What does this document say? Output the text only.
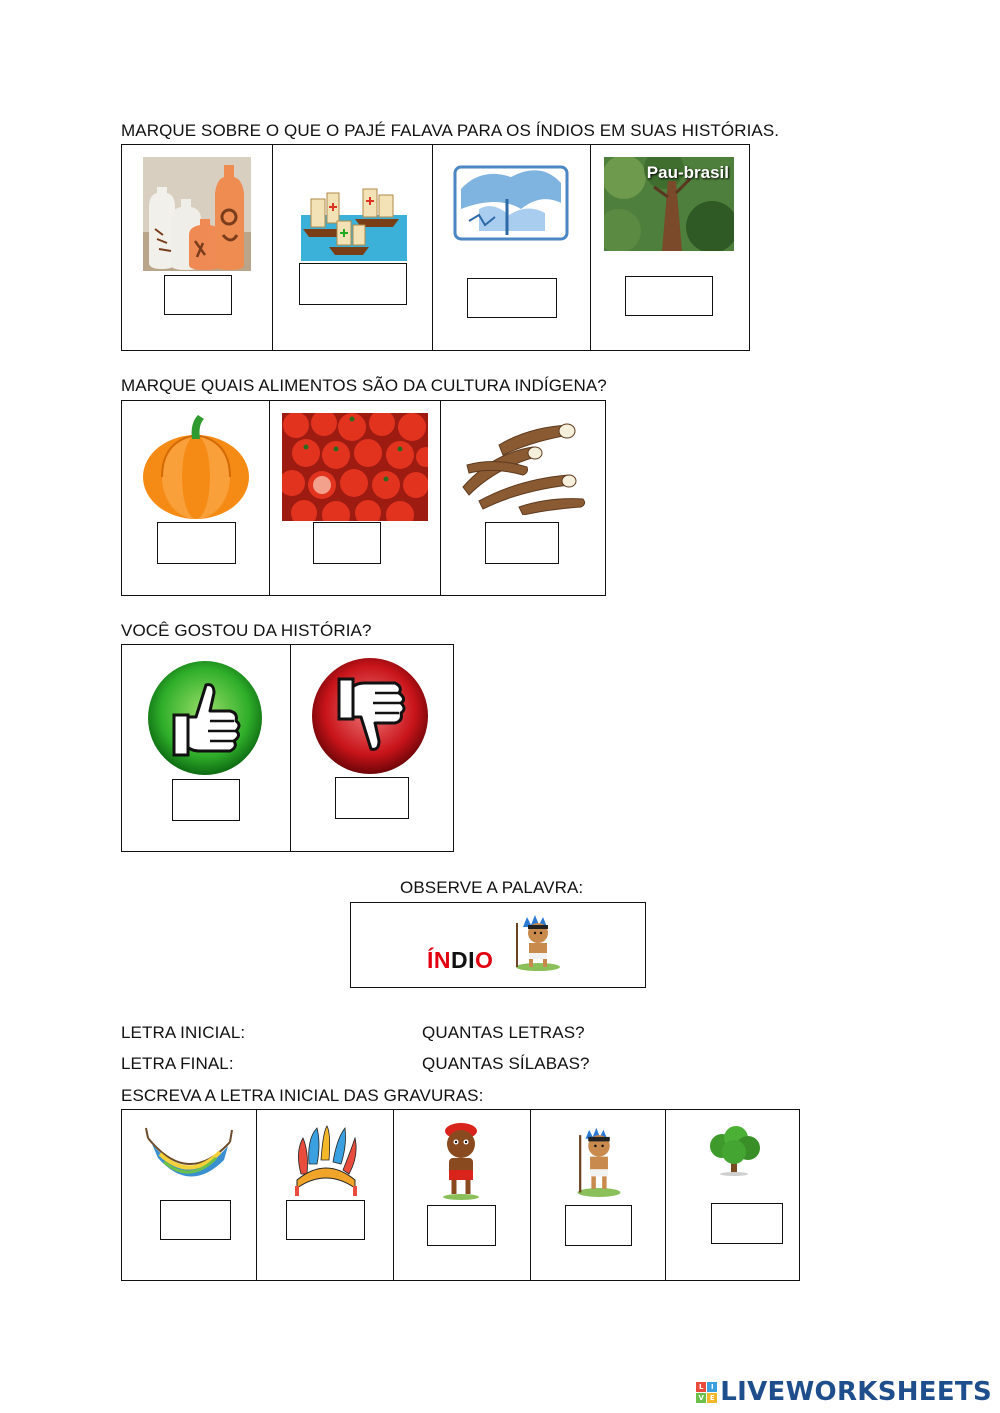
MARQUE SOBRE O QUE O PAJÉ FALAVA PARA OS ÍNDIOS EM SUAS HISTÓRIAS.
Pau-brasil
MARQUE QUAIS ALIMENTOS SÃO DA CULTURA INDÍGENA?
VOCÊ GOSTOU DA HISTÓRIA?
OBSERVE A PALAVRA:
ÍNDIO
LETRA INICIAL:	QUANTAS LETRAS?
LETRA FINAL:	QUANTAS SÍLABAS?
ESCREVA A LETRA INICIAL DAS GRAVURAS:
L	I
V E LIVEWORKSHEETS
